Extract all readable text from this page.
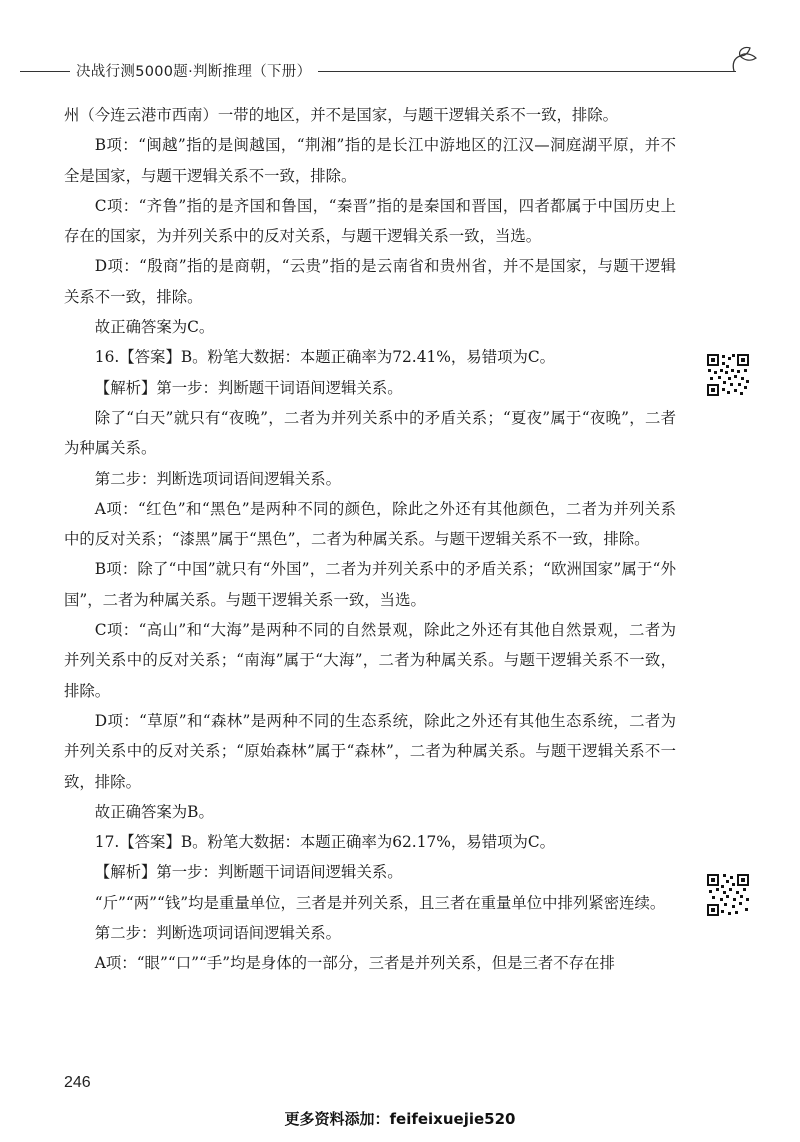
决战行测5000题·判断推理（下册）

州（今连云港市西南）一带的地区，并不是国家，与题干逻辑关系不一致，排除。

B项：“闽越”指的是闽越国，“荆湘”指的是长江中游地区的江汉—洞庭湖平原，并不全是国家，与题干逻辑关系不一致，排除。

C项：“齐鲁”指的是齐国和鲁国，“秦晋”指的是秦国和晋国，四者都属于中国历史上存在的国家，为并列关系中的反对关系，与题干逻辑关系一致，当选。

D项：“殷商”指的是商朝，“云贵”指的是云南省和贵州省，并不是国家，与题干逻辑关系不一致，排除。

故正确答案为C。

16.【答案】B。粉笔大数据：本题正确率为72.41%，易错项为C。

【解析】第一步：判断题干词语间逻辑关系。

除了“白天”就只有“夜晚”，二者为并列关系中的矛盾关系；“夏夜”属于“夜晚”，二者为种属关系。

第二步：判断选项词语间逻辑关系。

A项：“红色”和“黑色”是两种不同的颜色，除此之外还有其他颜色，二者为并列关系中的反对关系；“漆黑”属于“黑色”，二者为种属关系。与题干逻辑关系不一致，排除。

B项：除了“中国”就只有“外国”，二者为并列关系中的矛盾关系；“欧洲国家”属于“外国”，二者为种属关系。与题干逻辑关系一致，当选。

C项：“高山”和“大海”是两种不同的自然景观，除此之外还有其他自然景观，二者为并列关系中的反对关系；“南海”属于“大海”，二者为种属关系。与题干逻辑关系不一致，排除。

D项：“草原”和“森林”是两种不同的生态系统，除此之外还有其他生态系统，二者为并列关系中的反对关系；“原始森林”属于“森林”，二者为种属关系。与题干逻辑关系不一致，排除。

故正确答案为B。

17.【答案】B。粉笔大数据：本题正确率为62.17%，易错项为C。

【解析】第一步：判断题干词语间逻辑关系。

“斤”“两”“钱”均是重量单位，三者是并列关系，且三者在重量单位中排列紧密连续。

第二步：判断选项词语间逻辑关系。

A项：“眼”“口”“手”均是身体的一部分，三者是并列关系，但是三者不存在排

246
更多资料添加：feifeixuejie520
